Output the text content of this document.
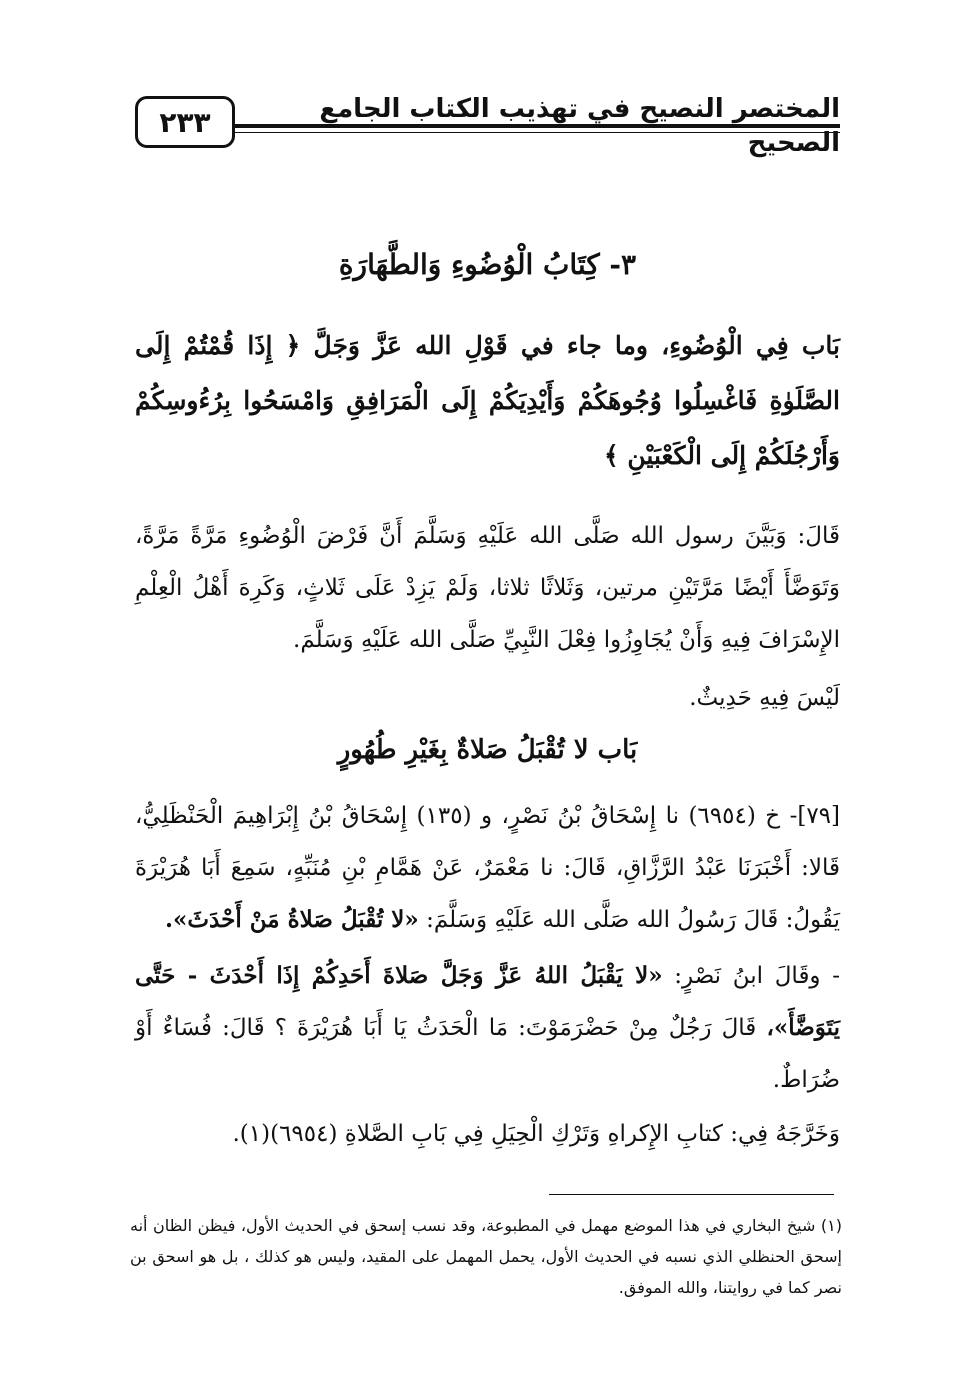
٢٣٣	المختصر النصيح في تهذيب الكتاب الجامع الصحيح
٣- كِتَابُ الْوُضُوءِ وَالطَّهَارَةِ
بَاب فِي الْوُضُوءِ، وما جاء في قَوْلِ الله عَزَّ وَجَلَّ ﴿ إِذَا قُمْتُمْ إِلَى الصَّلَوٰةِ فَاغْسِلُوا وُجُوهَكُمْ وَأَيْدِيَكُمْ إِلَى الْمَرَافِقِ وَامْسَحُوا بِرُءُوسِكُمْ وَأَرْجُلَكُمْ إِلَى الْكَعْبَيْنِ ﴾
قَالَ: وَبَيَّنَ رسول الله صَلَّى الله عَلَيْهِ وَسَلَّمَ أَنَّ فَرْضَ الْوُضُوءِ مَرَّةً مَرَّةً، وَتَوَضَّأَ أَيْضًا مَرَّتَيْنِ مرتين، وَثَلاثًا ثلاثا، وَلَمْ يَزِدْ عَلَى ثَلاثٍ، وَكَرِهَ أَهْلُ الْعِلْمِ الإِسْرَافَ فِيهِ وَأَنْ يُجَاوِزُوا فِعْلَ النَّبِيِّ صَلَّى الله عَلَيْهِ وَسَلَّمَ.
لَيْسَ فِيهِ حَدِيثٌ.
بَاب لا تُقْبَلُ صَلاةٌ بِغَيْرِ طُهُورٍ
[٧٩]- خ (٦٩٥٤) نا إِسْحَاقُ بْنُ نَصْرٍ، و (١٣٥) إِسْحَاقُ بْنُ إِبْرَاهِيمَ الْحَنْظَلِيُّ، قَالا: أَخْبَرَنَا عَبْدُ الرَّزَّاقِ، قَالَ: نا مَعْمَرٌ، عَنْ هَمَّامِ بْنِ مُنَبِّهٍ، سَمِعَ أَبَا هُرَيْرَةَ يَقُولُ: قَالَ رَسُولُ الله صَلَّى الله عَلَيْهِ وَسَلَّمَ: «لا تُقْبَلُ صَلاةُ مَنْ أَحْدَثَ».
- وقَالَ ابنُ نَصْرٍ: «لا يَقْبَلُ اللهُ عَزَّ وَجَلَّ صَلاةَ أَحَدِكُمْ إِذَا أَحْدَثَ - حَتَّى يَتَوَضَّأَ»، قَالَ رَجُلٌ مِنْ حَضْرَمَوْتَ: مَا الْحَدَثُ يَا أَبَا هُرَيْرَةَ ؟ قَالَ: فُسَاءٌ أَوْ ضُرَاطٌ.
وَخَرَّجَهُ فِي: كتابِ الإِكراهِ وَتَرْكِ الْحِيَلِ فِي بَابِ الصَّلاةِ (٦٩٥٤)(١).
(١) شيخ البخاري في هذا الموضع مهمل في المطبوعة، وقد نسب إسحق في الحديث الأول، فيظن الظان أنه إسحق الحنظلي الذي نسبه في الحديث الأول، يحمل المهمل على المقيد، وليس هو كذلك ، بل هو اسحق بن نصر كما في روايتنا، والله الموفق.
